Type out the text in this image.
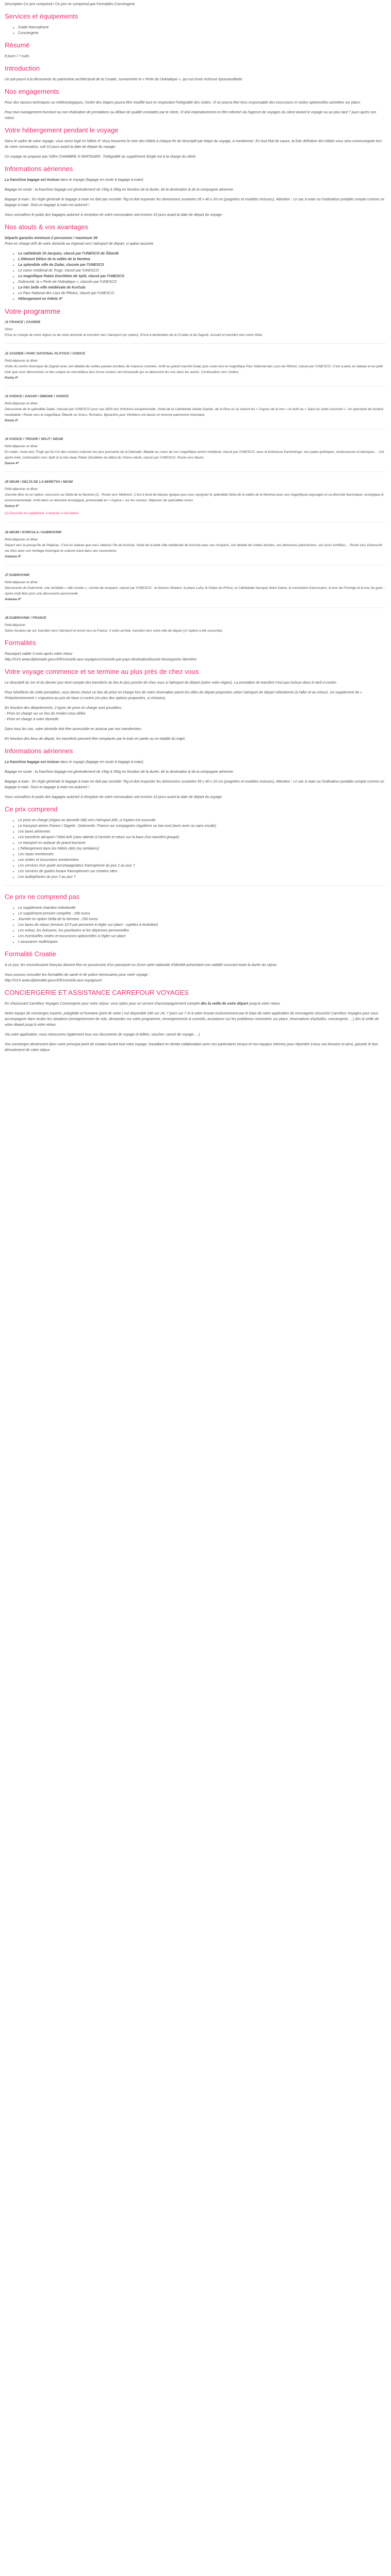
Description Ce prix comprend / Ce prix ne comprend pas Formalités Conciergerie

Services et équipements
• Guide francophone
• Conciergerie
Résumé

8 jours / 7 nuits

Introduction

Un pot-pourri à la découverte du patrimoine architectural de la Croatie, surnommée le « Perle de l'Adriatique », qui est d'une richesse époustouflante.

Nos engagements

Pour des raisons techniques ou météorologiques, l'ordre des étapes pourra être modifié tout en respectant l'intégralité des visites. Vl se pourra être tenu responsable des excursions et visites optionnelles achetées sur place.

Pour tout management éventuel ou non réalisation de prestations ou défaut de qualité constatée par le client, Vl doit impérativement en être informé via l'agence de voyages du client durant le voyage ou au plus tard 7 jours après son retour.

Votre hébergement pendant le voyage

Dans le cadre de votre voyage, vous serez logé en hôtels 4* Vous trouverez le nom des hôtels à chaque fin de descriptif par étape du voyage, à mentionner. En tout état de cause, la liste définitive des hôtels vous sera communiquée lors de votre convocation, soit 10 jours avant la date de départ du voyage.

Ce voyage ne propose pas l'offre CHAMBRE À PARTAGER : l'intégralité du supplément Single est à la charge du client.

Informations aériennes

La franchise bagage est incluse dans le voyage (bagage en soute & bagage à main).

Bagage en soute : la franchise bagage est généralement de 15kg à 30kg en fonction de la durée, de la destination & de la compagnie aérienne.

Bagage à main : En règle générale le bagage à main ne doit pas excéder 7kg et doit respecter les dimensions suivantes 55 x 40 x 20 cm (poignées et roulettes incluses). Attention : Le sac à main ou l'ordinateur portable compte comme un bagage à main. Seul un bagage à main est autorisé !

Vous connaîtrez le poids des bagages autorisé à réception de votre convocation soit environ 10 jours avant la date de départ du voyage.

Nos atouts & vos avantages

Départs garantis minimum 2 personnes / maximum 38

Prise en charge A/R de votre domicile au régional vers l'aéroport de départ, ci option assurée

• Le cathédrale St-Jacques, classé par l'UNESCO de Šibenik
• L'élément Délice de la vallée de la Neretva
• La splendide ville de Zadar, classée par l'UNESCO
• Le coeur médiéval de Trogir, classé par l'UNESCO
• Le magnifique Palais Dioclétien de Split, classé par l'UNESCO
• Dubrovnik, la « Perle de l'Adriatique », classée par l'UNESCO
• La très belle ville médiévale de Korčula
• Le Parc National des Lacs de Plitvice, classé par l'UNESCO
• Hébergement en hôtels 4*
Votre programme

J1 FRANCE / ZAGREB

Dîner

Prise en charge de votre région ou de votre domicile et transfert vers l'aéroport (en option). Envol à destination de la Croatie et de Zagreb. Accueil et transfert vers votre hôtel.

J2 ZAGREB / PARC NATIONAL PLITVICE / VODICE

Petit-déjeuner et dîner

Visite du centre historique de Zagreb avec son dédale de ruelles pavées bordées de maisons colorées. Arrêt au grand marché Dolac puis route vers le magnifique Parc National des Lacs de Plitvice, classé par l'UNESCO. C'est à pied, en bateau et en petit train que vous découvrirez ce lieu unique au merveilleux lacs d'une couleur vert émeraude qui se déversent les uns dans les autres. Continuation vers Vodice.

Ponta 4*

J3 VODICE / ZADAR / SIBENIK / VODICE

Petit-déjeuner et dîner

Découverte de la splendide Zadar, classée par l'UNESCO pour ses 3000 ans d'histoire exceptionnelle. Visite de la Cathédrale Sainte-Sophie, de la Riva où se situent les « Orgues de la mer » et arrêt au « Salut au soleil couchant ». Un spectacle de lumière inoubliable ! Route vers la magnifique Šibenik où Grecs, Romains, Byzantins puis Vénitiens ont laissé un énorme patrimoine historique.

Ponta 4*

J4 VODICE / TROGIR / SPLIT / NEUM

Petit-déjeuner et dîner

En matin, route vers Trogir qui fut l'un des centres culturels les plus puissants de la Dalmatie. Balade au coeur de son magnifique centre médiéval, classé par l'UNESCO, avec la forteresse Kamerlengo, ses palais gothiques, renaissances et baroques… Cet après-midi, continuation vers Split et la très beau Palais Dioclétien du début du IVème siècle, classé par l'UNESCO. Route vers Neum.

Sunce 4*

J5 NEUM / DELTA DE LA NERETVA / NEUM

Petit-déjeuner et dîner

Journée libre ou en option, excursion au Delta de la Neretva (1) : Route vers Metković. C'est à bord de barque typique que vous rejoignez le splendide Delta de la vallée de la Neretva avec ses magnifiques paysages et sa diversité faunistique, écologique & environnementale. Arrêt dans un domaine écologique, promenade en « trupica » sur les canaux. Déjeuner de spécialités inclus

Sunce 4*

(1) Excursion en supplément, à réserver à l'inscription.

J6 NEUM / KORCULA / DUBROVNIK

Petit-déjeuner et dîner

Départ vers la presqu'île de Pelješac. C'est en bateau que vous rallierez l'île de Korčula. Visite de la belle ville médiévale de Korčula avec ses remparts, son dédale de ruelles étroites, ses demeures patriciennes, ses tours fortifiées… Route vers Dubrovnik via Ston avec son héritage historique et culturel tracé dans ses monuments.

Astarea 4*

J7 DUBROVNIK

Petit-déjeuner et dîner

Découverte de Dubrovnik, une véritable « ville musée », cernée de remparts, classé par l'UNESCO : le fameux Stradun, la place Luža, le Palais du Prince, la Cathédrale baroque Notre Dame, le monastère franciscains, la tour de l'horloge et la tour du guet… Après-midi libre pour une découverte personnelle

Astarea 4*

J8 DUBROVNIK / FRANCE

Petit-déjeuner

Selon horaires de vol, transfert vers l'aéroport et envol vers la France. A votre arrivée, transfert vers votre ville de départ (si l'option a été souscrite).

Formalités

Passeport valide 3 mois après votre retour

http://XXX.www.diplomatie.gouv.fr/fr/conseils-aux-voyageurs/conseils-par-pays-destination/bosnie-herzegovine /dernière

Votre voyage commence et se termine au plus près de chez vous

Le descriptif du 1er et du dernier jour tient compte des transferts du lieu le plus proche de chez vous à l'aéroport de départ (selon votre région). La prestation de transfert n'est pas incluse dans le tarif ci-contre.

Pour bénéficier de cette prestation, vous devez choisir un lieu de prise en charge lors de votre réservation parmi les villes de départ proposées selon l'aéroport de départ sélectionné (à l'aller et au retour). Un supplément de « Préacheminement » s'ajoutera au prix de base ci-contre (en plus des options proposées, si choisies).

En fonction des départements, 2 types de prise en charge sont possibles :

- Prise en charge sur un lieu de rendez-vous défini

- Prise en charge à votre domicile

Dans tous les cas, votre domicile doit être accessible en autocar par nos transferistes.

En fonction des lieux de départ, les transferts peuvent être remplacés par le train en partie ou en totalité du trajet.

Informations aériennes

La franchise bagage est incluse dans le voyage (bagage en soute & bagage à main).

Bagage en soute : la franchise bagage est généralement de 15kg à 30kg en fonction de la durée, de la destination & de la compagnie aérienne.

Bagage à main : En règle générale le bagage à main ne doit pas excéder 7kg et doit respecter les dimensions suivantes 55 x 40 x 20 cm (poignées et roulettes incluses). Attention : Le sac à main ou l'ordinateur portable compte comme un bagage à main. Seul un bagage à main est autorisé !

Vous connaîtrez le poids des bagages autorisé à réception de votre convocation soit environ 10 jours avant la date de départ du voyage.

Ce prix comprend
• Le prise en charge (région ou domicile NB) vers l'aéroport A/R, si l'option est souscrite
• Le transport aérien France / Zagreb - Dubrovnik / France sur compagnies régulières ou low-cost (avec avec ou sans escale)
• Les taxes aériennes
• Les transferts aéroport / hôtel A/R (sans attente à l'arrivée et retour sur la base d'un transfert groupé)
• Le transport en autocar de grand tourisme
• L'hébergement dans les hôtels cités (ou similaires)
• Les repas mentionnés
• Les visites et excursions mentionnées
• Les services d'un guide accompagnateur francophone du jour 2 au jour 7
• Les services de guides locaux francophones sur certains sites
• Les audiophones du jour 2 au jour 7
Ce prix ne comprend pas
• Le supplément chambre individuelle
• Le supplément pension complète : 290 euros
• Journée en option Delta de la Neretva : 250 euros
• Les taxes de séjour (environ 10 € par personne à régler sur place - sujettes à évolution)
• Les extras, les boissons, les pourboires et les dépenses personnelles
• Les éventuelles visites et excursions optionnelles à régler sur place
• L'assurance multirisques
Formalité Croatie

A ce jour, les ressortissants français doivent être en possession d'un passeport ou d'une carte nationale d'identité présentant une validité couvrant toute la durée du séjour.

Vous pouvez consulter les formalités de santé et de police nécessaires pour votre voyage :

http://XXX.www.diplomatie.gouv.fr/fr/conseils-aux-voyageurs/

CONCIERGERIE ET ASSISTANCE CARREFOUR VOYAGES

En choisissant Carrefour Voyages Conciergerie pour votre séjour, vous optez pour un service d'accompagnement complet dès la veille de votre départ jusqu'à votre retour.

Notre équipe de concierges experts, polyglotte et humaine (joint de notre ) est disponible 24h sur 24, 7 jours sur 7 et à votre écoute exclusivement par le biais de notre application de messagerie sécurisée Carrefour Voyages pour vous accompagner dans toutes les situations (enregistrement de vols, demandes sur votre programme, renseignements & conseils, assistance sur les problèmes rencontrés sur place, réservations d'activités, conciergerie, ...) dès la veille de votre départ jusqu'à votre retour.

Via votre application, vous retrouverez également tous vos documents de voyage (e-billets, voucher, carnet de voyage, ...)

Vos concierges deviennent alors votre principal point de contact durant tout votre voyage, travaillant en étroite collaboration avec nos partenaires locaux et nos équipes internes pour répondre à tous vos besoins et ainsi, garantir le bon déroulement de votre séjour.
